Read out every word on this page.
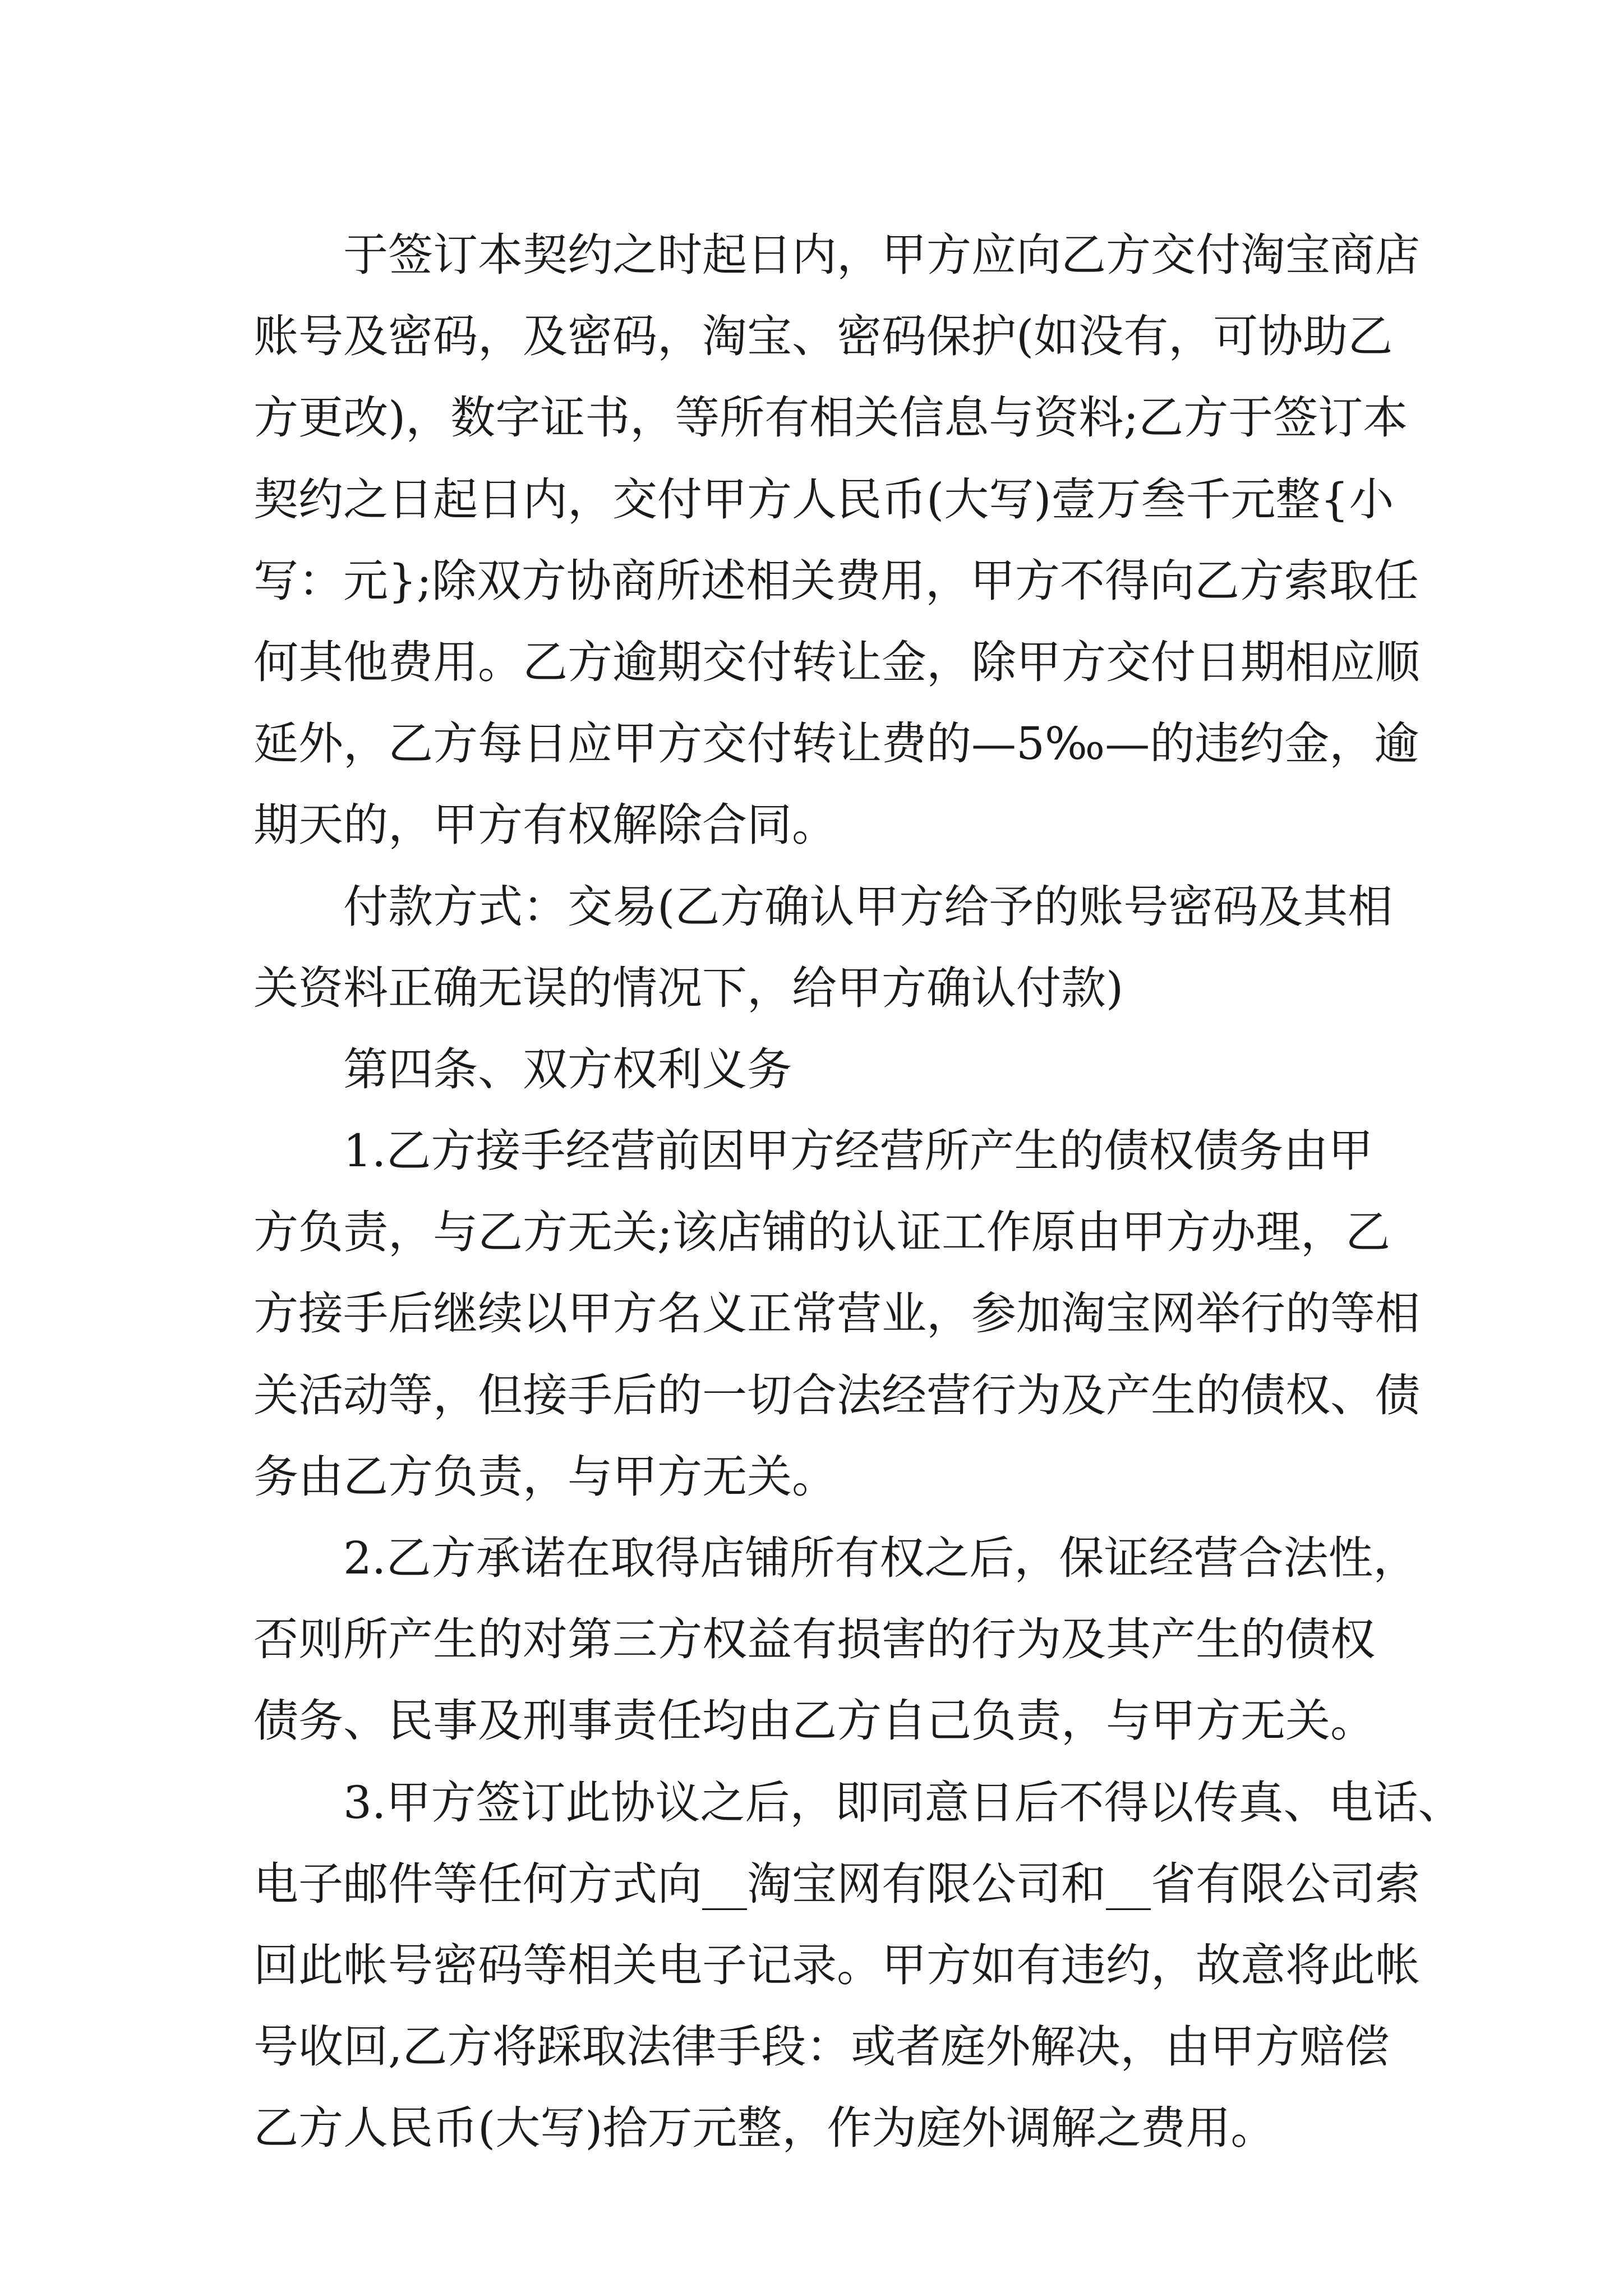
于签订本契约之时起日内，甲方应向乙方交付淘宝商店
账号及密码，及密码，淘宝、密码保护(如没有，可协助乙
方更改)，数字证书，等所有相关信息与资料;乙方于签订本
契约之日起日内，交付甲方人民币(大写)壹万叁千元整{小
写：元};除双方协商所述相关费用，甲方不得向乙方索取任
何其他费用。乙方逾期交付转让金，除甲方交付日期相应顺
延外，乙方每日应甲方交付转让费的—5‰—的违约金，逾
期天的，甲方有权解除合同。
付款方式：交易(乙方确认甲方给予的账号密码及其相
关资料正确无误的情况下，给甲方确认付款)
第四条、双方权利义务
1.乙方接手经营前因甲方经营所产生的债权债务由甲
方负责，与乙方无关;该店铺的认证工作原由甲方办理，乙
方接手后继续以甲方名义正常营业，参加淘宝网举行的等相
关活动等，但接手后的一切合法经营行为及产生的债权、债
务由乙方负责，与甲方无关。
2.乙方承诺在取得店铺所有权之后，保证经营合法性，
否则所产生的对第三方权益有损害的行为及其产生的债权
债务、民事及刑事责任均由乙方自己负责，与甲方无关。
3.甲方签订此协议之后，即同意日后不得以传真、电话、
电子邮件等任何方式向__淘宝网有限公司和__省有限公司索
回此帐号密码等相关电子记录。甲方如有违约，故意将此帐
号收回,乙方将踩取法律手段：或者庭外解决，由甲方赔偿
乙方人民币(大写)拾万元整，作为庭外调解之费用。
